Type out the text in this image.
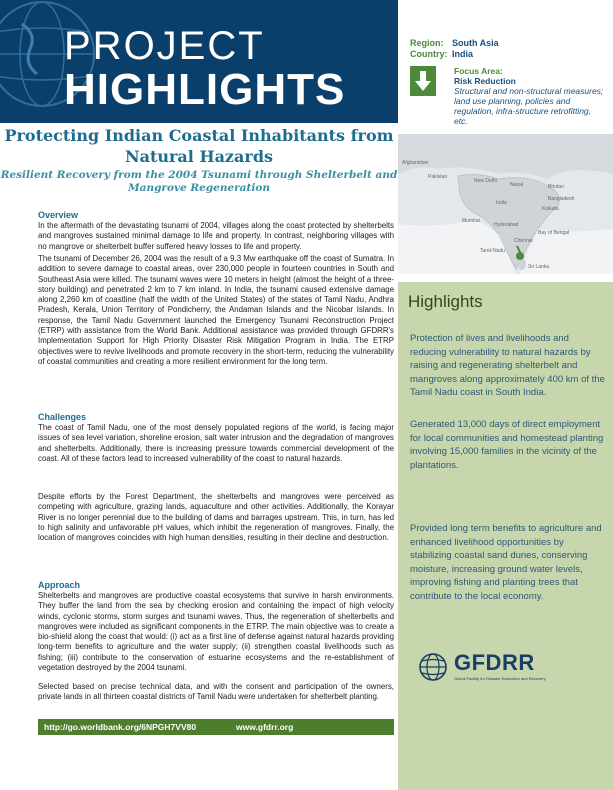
PROJECT
HIGHLIGHTS
Protecting Indian Coastal Inhabitants from Natural Hazards
Resilient Recovery from the 2004 Tsunami through Shelterbelt and Mangrove Regeneration
Overview
In the aftermath of the devastating tsunami of 2004, villages along the coast protected by shelterbelts and mangroves sustained minimal damage to life and property. In contrast, neighboring villages with no mangrove or shelterbelt buffer suffered heavy losses to life and property.
The tsunami of December 26, 2004 was the result of a 9.3 Mw earthquake off the coast of Sumatra. In addition to severe damage to coastal areas, over 230,000 people in fourteen countries in South and Southeast Asia were killed. The tsunami waves were 10 meters in height (almost the height of a three-story building) and penetrated 2 km to 7 km inland. In India, the tsunami caused extensive damage along 2,260 km of coastline (half the width of the United States) of the states of Tamil Nadu, Andhra Pradesh, Kerala, Union Territory of Pondicherry, the Andaman Islands and the Nicobar Islands. In response, the Tamil Nadu Government launched the Emergency Tsunami Reconstruction Project (ETRP) with assistance from the World Bank. Additional assistance was provided through GFDRR's Implementation Support for High Priority Disaster Risk Mitigation Program in India. The ETRP objectives were to revive livelihoods and promote recovery in the short-term, reducing the vulnerability of coastal communities and creating a more resilient environment for the long term.
Challenges
The coast of Tamil Nadu, one of the most densely populated regions of the world, is facing major issues of sea level variation, shoreline erosion, salt water intrusion and the degradation of mangroves and shelterbelts. Additionally, there is increasing pressure towards commercial development of the coast. All of these factors lead to increased vulnerability of the coast to natural hazards.
Despite efforts by the Forest Department, the shelterbelts and mangroves were perceived as competing with agriculture, grazing lands, aquaculture and other activities. Additionally, the Korayar River is no longer perennial due to the building of dams and barrages upstream. This, in turn, has led to high salinity and unfavorable pH values, which inhibit the regeneration of mangroves. Finally, the location of mangroves coincides with high human densities, resulting in their decline and destruction.
Approach
Shelterbelts and mangroves are productive coastal ecosystems that survive in harsh environments. They buffer the land from the sea by checking erosion and containing the impact of high velocity winds, cyclonic storms, storm surges and tsunami waves. Thus, the regeneration of shelterbelts and mangroves were included as significant components in the ETRP. The main objective was to create a bio-shield along the coast that would: (i) act as a first line of defense against natural hazards providing long-term benefits to agriculture and the water supply; (ii) strengthen coastal livelihoods such as fishing; (iii) contribute to the conservation of estuarine ecosystems and the re-establishment of vegetation destroyed by the 2004 tsunami.
Selected based on precise technical data, and with the consent and participation of the owners, private lands in all thirteen coastal districts of Tamil Nadu were undertaken for shelterbelt planting.
http://go.worldbank.org/6NPGH7VV80	www.gfdrr.org
Region: South Asia
Country: India
Focus Area:
Risk Reduction
Structural and non-structural measures; land use planning, policies and regulation, infra-structure retrofitting, etc.
Afghanistan
Pakistan
New Delhi
Nepal	Bhutan
Bangladesh
Kolkata
India
Mumbai
Hyderabad
Bay of Bengal
Chennai
Tamil Nadu
Sri Lanka
Highlights
Protection of lives and livelihoods and reducing vulnerability to natural hazards by raising and regenerating shelterbelt and mangroves along approximately 400 km of the Tamil Nadu coast in South India.
Generated 13,000 days of direct employment for local communities and homestead planting involving 15,000 families in the vicinity of the plantations.
Provided long term benefits to agriculture and enhanced livelihood opportunities by stabilizing coastal sand dunes, conserving moisture, increasing ground water levels, improving fishing and planting trees that contribute to the local economy.
GFDRR
Global Facility for Disaster Reduction and Recovery
